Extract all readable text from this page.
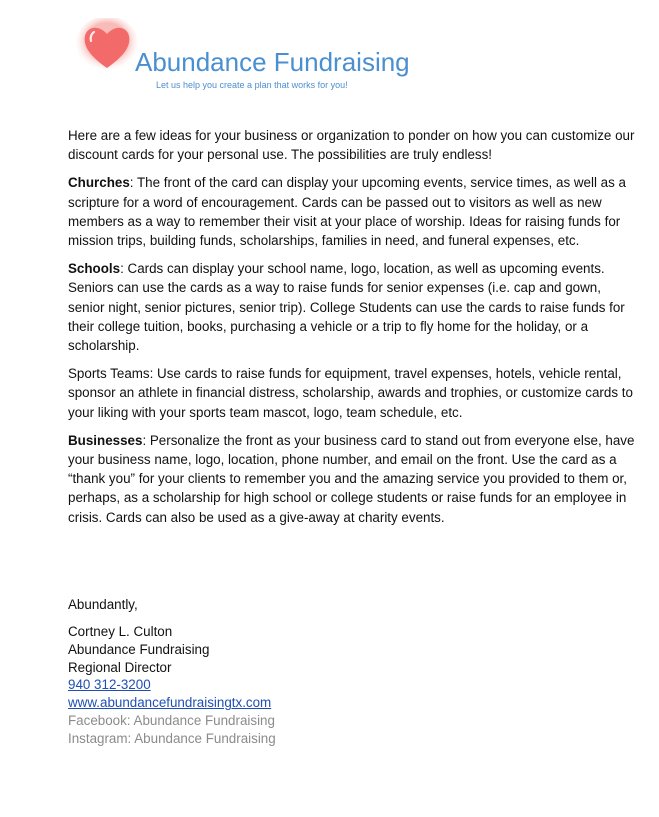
Abundance Fundraising
Let us help you create a plan that works for you!

Here are a few ideas for your business or organization to ponder on how you can customize our discount cards for your personal use. The possibilities are truly endless!

Churches: The front of the card can display your upcoming events, service times, as well as a scripture for a word of encouragement. Cards can be passed out to visitors as well as new members as a way to remember their visit at your place of worship. Ideas for raising funds for mission trips, building funds, scholarships, families in need, and funeral expenses, etc.

Schools: Cards can display your school name, logo, location, as well as upcoming events. Seniors can use the cards as a way to raise funds for senior expenses (i.e. cap and gown, senior night, senior pictures, senior trip). College Students can use the cards to raise funds for their college tuition, books, purchasing a vehicle or a trip to fly home for the holiday, or a scholarship.

Sports Teams: Use cards to raise funds for equipment, travel expenses, hotels, vehicle rental, sponsor an athlete in financial distress, scholarship, awards and trophies, or customize cards to your liking with your sports team mascot, logo, team schedule, etc.

Businesses: Personalize the front as your business card to stand out from everyone else, have your business name, logo, location, phone number, and email on the front. Use the card as a “thank you” for your clients to remember you and the amazing service you provided to them or, perhaps, as a scholarship for high school or college students or raise funds for an employee in crisis. Cards can also be used as a give-away at charity events.

Abundantly,

Cortney L. Culton
Abundance Fundraising
Regional Director
940 312-3200
www.abundancefundraisingtx.com
Facebook: Abundance Fundraising
Instagram: Abundance Fundraising
